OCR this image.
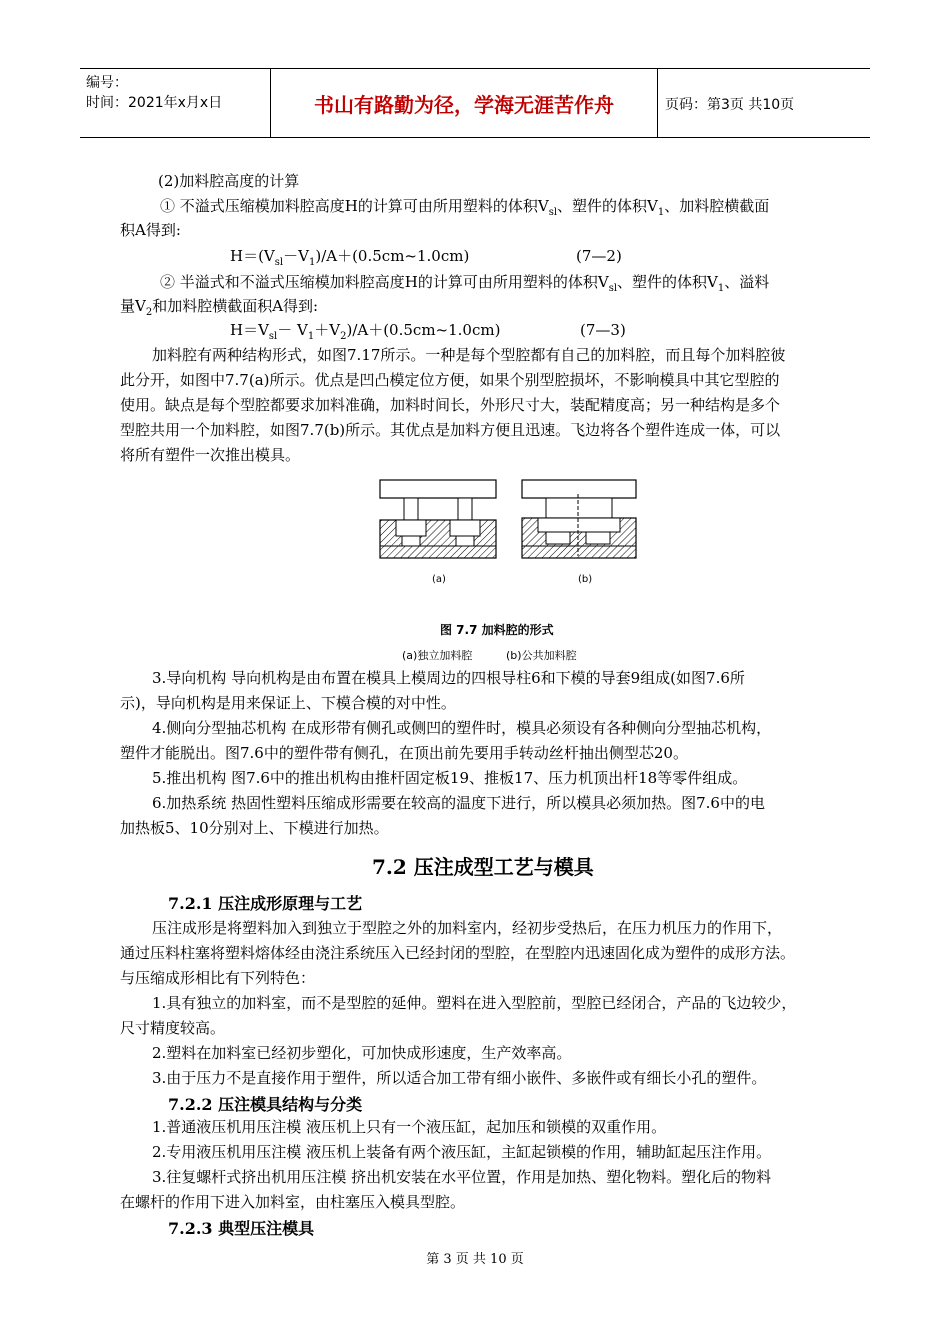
编号：
时间：2021年x月x日	书山有路勤为径，学海无涯苦作舟	页码：第3页 共10页
(2)加料腔高度的计算
① 不溢式压缩模加料腔高度H的计算可由所用塑料的体积$V_{sl}$、塑件的体积$V_1$、加料腔横截面
积A得到:
$H=(V_{sl}-V_1)/A+(0.5cm\sim 1.0cm)$	(7—2)
② 半溢式和不溢式压缩模加料腔高度H的计算可由所用塑料的体积$V_{sl}$、塑件的体积$V_1$、溢料
量$V_2$和加料腔横截面积A得到:
$H=V_{sl}-$ $V_1+V_2)/A+(0.5cm\sim 1.0cm)$	(7—3)
加料腔有两种结构形式，如图7.17所示。一种是每个型腔都有自己的加料腔，而且每个加料腔彼
此分开，如图中7.7(a)所示。优点是凹凸模定位方便，如果个别型腔损坏，不影响模具中其它型腔的
使用。缺点是每个型腔都要求加料准确，加料时间长，外形尺寸大，装配精度高；另一种结构是多个
型腔共用一个加料腔，如图7.7(b)所示。其优点是加料方便且迅速。飞边将各个塑件连成一体，可以
将所有塑件一次推出模具。
(a)	(b)
图 7.7 加料腔的形式
(a)独立加料腔	(b)公共加料腔
3.导向机构 导向机构是由布置在模具上模周边的四根导柱6和下模的导套9组成(如图7.6所
示)，导向机构是用来保证上、下模合模的对中性。
4.侧向分型抽芯机构 在成形带有侧孔或侧凹的塑件时，模具必须设有各种侧向分型抽芯机构，
塑件才能脱出。图7.6中的塑件带有侧孔，在顶出前先要用手转动丝杆抽出侧型芯20。
5.推出机构 图7.6中的推出机构由推杆固定板19、推板17、压力机顶出杆18等零件组成。
6.加热系统 热固性塑料压缩成形需要在较高的温度下进行，所以模具必须加热。图7.6中的电
加热板5、10分别对上、下模进行加热。
7.2 压注成型工艺与模具
7.2.1 压注成形原理与工艺
压注成形是将塑料加入到独立于型腔之外的加料室内，经初步受热后，在压力机压力的作用下，
通过压料柱塞将塑料熔体经由浇注系统压入已经封闭的型腔，在型腔内迅速固化成为塑件的成形方法。
与压缩成形相比有下列特色：
1.具有独立的加料室，而不是型腔的延伸。塑料在进入型腔前，型腔已经闭合，产品的飞边较少，
尺寸精度较高。
2.塑料在加料室已经初步塑化，可加快成形速度，生产效率高。
3.由于压力不是直接作用于塑件，所以适合加工带有细小嵌件、多嵌件或有细长小孔的塑件。
7.2.2 压注模具结构与分类
1.普通液压机用压注模 液压机上只有一个液压缸，起加压和锁模的双重作用。
2.专用液压机用压注模 液压机上装备有两个液压缸，主缸起锁模的作用，辅助缸起压注作用。
3.往复螺杆式挤出机用压注模 挤出机安装在水平位置，作用是加热、塑化物料。塑化后的物料
在螺杆的作用下进入加料室，由柱塞压入模具型腔。
7.2.3 典型压注模具
第 3 页 共 10 页
